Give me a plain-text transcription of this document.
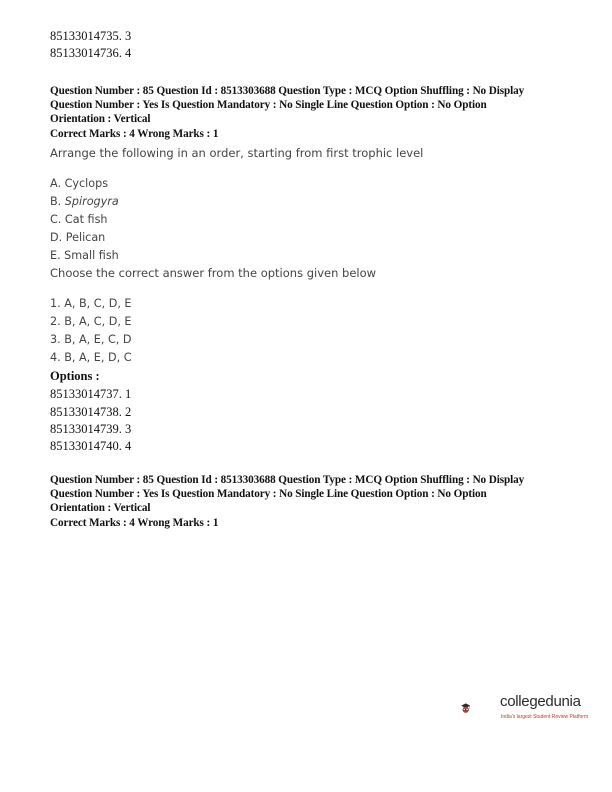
85133014735. 3
85133014736. 4
Question Number : 85 Question Id : 8513303688 Question Type : MCQ Option Shuffling : No Display
Question Number : Yes Is Question Mandatory : No Single Line Question Option : No Option
Orientation : Vertical
Correct Marks : 4 Wrong Marks : 1
Arrange the following in an order, starting from first trophic level
A. Cyclops
B. Spirogyra
C. Cat fish
D. Pelican
E. Small fish
Choose the correct answer from the options given below
1. A, B, C, D, E
2. B, A, C, D, E
3. B, A, E, C, D
4. B, A, E, D, C
Options :
85133014737. 1
85133014738. 2
85133014739. 3
85133014740. 4
Question Number : 85 Question Id : 8513303688 Question Type : MCQ Option Shuffling : No Display
Question Number : Yes Is Question Mandatory : No Single Line Question Option : No Option
Orientation : Vertical
Correct Marks : 4 Wrong Marks : 1
collegedunia
India's largest Student Review Platform
